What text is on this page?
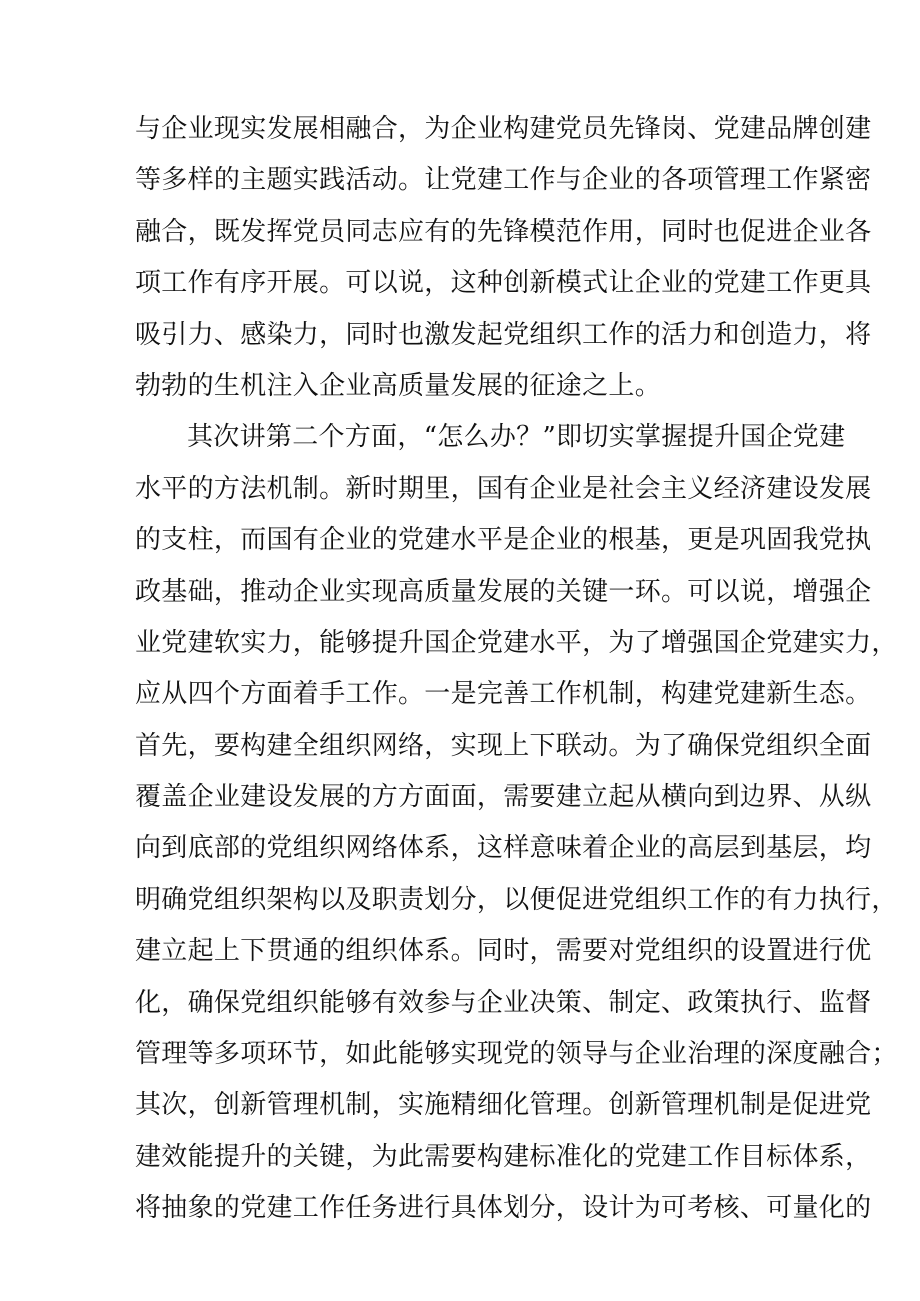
与企业现实发展相融合，为企业构建党员先锋岗、党建品牌创建
等多样的主题实践活动。让党建工作与企业的各项管理工作紧密
融合，既发挥党员同志应有的先锋模范作用，同时也促进企业各
项工作有序开展。可以说，这种创新模式让企业的党建工作更具
吸引力、感染力，同时也激发起党组织工作的活力和创造力，将
勃勃的生机注入企业高质量发展的征途之上。
其次讲第二个方面，“怎么办？”即切实掌握提升国企党建
水平的方法机制。新时期里，国有企业是社会主义经济建设发展
的支柱，而国有企业的党建水平是企业的根基，更是巩固我党执
政基础，推动企业实现高质量发展的关键一环。可以说，增强企
业党建软实力，能够提升国企党建水平，为了增强国企党建实力，
应从四个方面着手工作。一是完善工作机制，构建党建新生态。
首先，要构建全组织网络，实现上下联动。为了确保党组织全面
覆盖企业建设发展的方方面面，需要建立起从横向到边界、从纵
向到底部的党组织网络体系，这样意味着企业的高层到基层，均
明确党组织架构以及职责划分，以便促进党组织工作的有力执行，
建立起上下贯通的组织体系。同时，需要对党组织的设置进行优
化，确保党组织能够有效参与企业决策、制定、政策执行、监督
管理等多项环节，如此能够实现党的领导与企业治理的深度融合；
其次，创新管理机制，实施精细化管理。创新管理机制是促进党
建效能提升的关键，为此需要构建标准化的党建工作目标体系，
将抽象的党建工作任务进行具体划分，设计为可考核、可量化的
